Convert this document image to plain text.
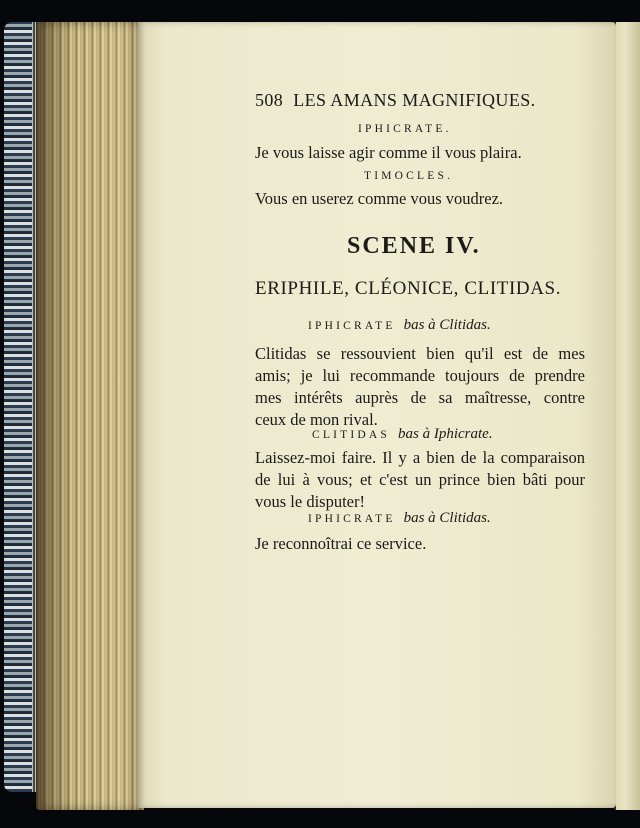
508 LES AMANS MAGNIFIQUES.
IPHICRATE.
Je vous laisse agir comme il vous plaira.
TIMOCLES.
Vous en userez comme vous voudrez.
SCENE IV.
ERIPHILE, CLÉONICE, CLITIDAS.
IPHICRATE bas à Clitidas.
Clitidas se ressouvient bien qu'il est de mes
amis; je lui recommande toujours de prendre
mes intérêts auprès de sa maîtresse, contre
ceux de mon rival.
CLITIDAS bas à Iphicrate.
Laissez-moi faire. Il y a bien de la comparaison
de lui à vous; et c'est un prince bien bâti pour
vous le disputer!
IPHICRATE bas à Clitidas.
Je reconnoîtrai ce service.
